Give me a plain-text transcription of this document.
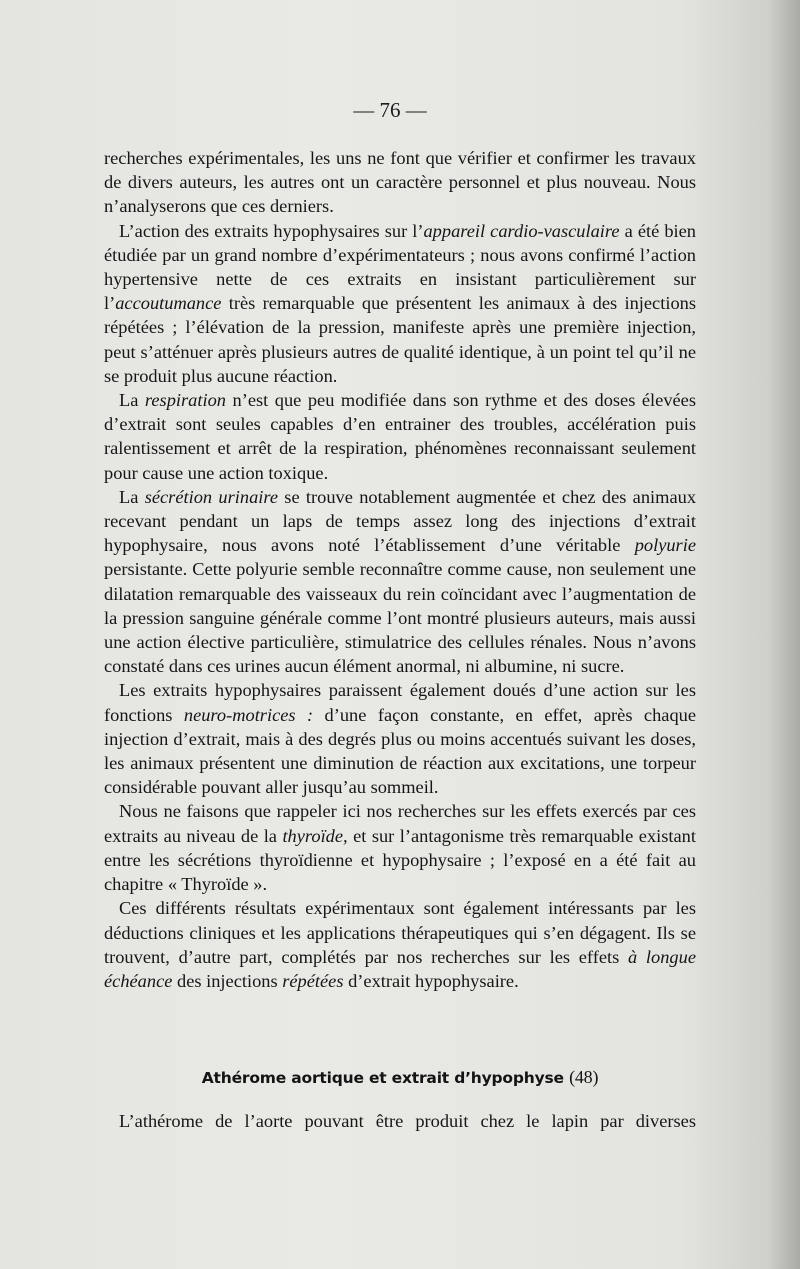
— 76 —

recherches expérimentales, les uns ne font que vérifier et confirmer les travaux de divers auteurs, les autres ont un caractère personnel et plus nouveau. Nous n’analyserons que ces derniers.

L’action des extraits hypophysaires sur l’appareil cardio-vasculaire a été bien étudiée par un grand nombre d’expérimentateurs ; nous avons confirmé l’action hypertensive nette de ces extraits en insistant particulièrement sur l’accoutumance très remarquable que présentent les animaux à des injections répétées ; l’élévation de la pression, manifeste après une première injection, peut s’atténuer après plusieurs autres de qualité identique, à un point tel qu’il ne se produit plus aucune réaction.

La respiration n’est que peu modifiée dans son rythme et des doses élevées d’extrait sont seules capables d’en entrainer des troubles, accélération puis ralentissement et arrêt de la respiration, phénomènes reconnaissant seulement pour cause une action toxique.

La sécrétion urinaire se trouve notablement augmentée et chez des animaux recevant pendant un laps de temps assez long des injections d’extrait hypophysaire, nous avons noté l’établissement d’une véritable polyurie persistante. Cette polyurie semble reconnaître comme cause, non seulement une dilatation remarquable des vaisseaux du rein coïncidant avec l’augmentation de la pression sanguine générale comme l’ont montré plusieurs auteurs, mais aussi une action élective particulière, stimulatrice des cellules rénales. Nous n’avons constaté dans ces urines aucun élément anormal, ni albumine, ni sucre.

Les extraits hypophysaires paraissent également doués d’une action sur les fonctions neuro-motrices : d’une façon constante, en effet, après chaque injection d’extrait, mais à des degrés plus ou moins accentués suivant les doses, les animaux présentent une diminution de réaction aux excitations, une torpeur considérable pouvant aller jusqu’au sommeil.

Nous ne faisons que rappeler ici nos recherches sur les effets exercés par ces extraits au niveau de la thyroïde, et sur l’antagonisme très remarquable existant entre les sécrétions thyroïdienne et hypophysaire ; l’exposé en a été fait au chapitre « Thyroïde ».

Ces différents résultats expérimentaux sont également intéressants par les déductions cliniques et les applications thérapeutiques qui s’en dégagent. Ils se trouvent, d’autre part, complétés par nos recherches sur les effets à longue échéance des injections répétées d’extrait hypophysaire.

Athérome aortique et extrait d’hypophyse (48)
L’athérome de l’aorte pouvant être produit chez le lapin par diverses
